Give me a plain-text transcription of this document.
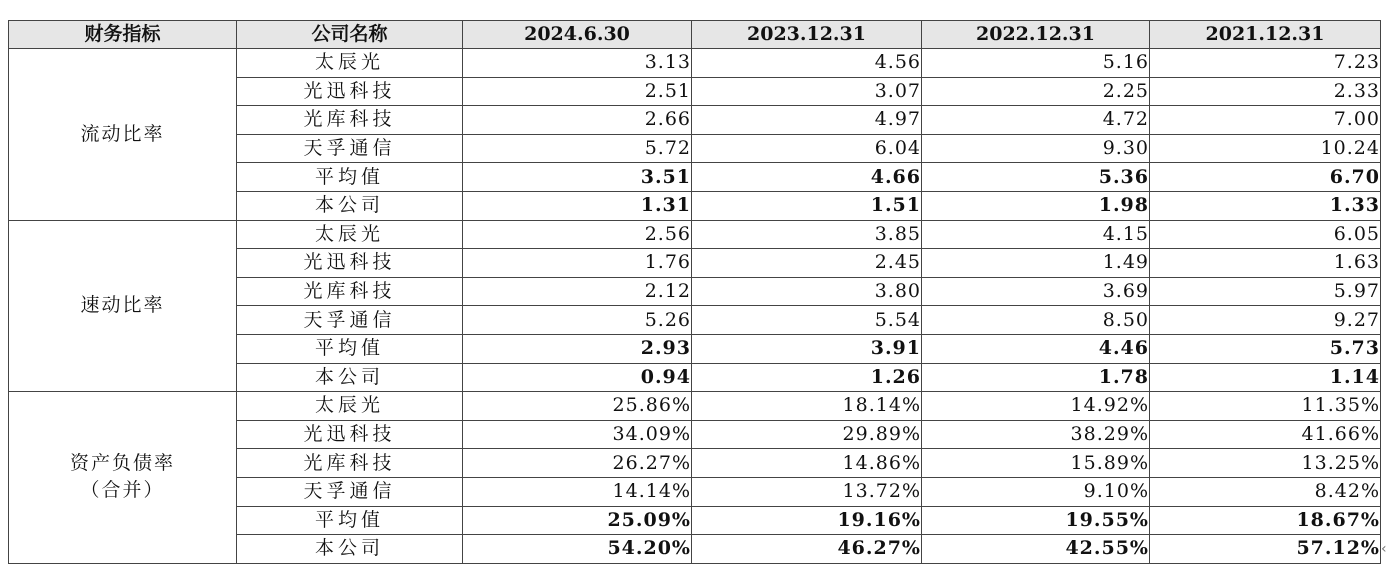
财务指标	公司名称	2024.6.30	2023.12.31	2022.12.31	2021.12.31

流动比率	太辰光	3.13	4.56	5.16	7.23
	光迅科技	2.51	3.07	2.25	2.33
	光库科技	2.66	4.97	4.72	7.00
	天孚通信	5.72	6.04	9.30	10.24
	平均值	3.51	4.66	5.36	6.70
	本公司	1.31	1.51	1.98	1.33

速动比率	太辰光	2.56	3.85	4.15	6.05
	光迅科技	1.76	2.45	1.49	1.63
	光库科技	2.12	3.80	3.69	5.97
	天孚通信	5.26	5.54	8.50	9.27
	平均值	2.93	3.91	4.46	5.73
	本公司	0.94	1.26	1.78	1.14

资产负债率
（合并）	太辰光	25.86%	18.14%	14.92%	11.35%
	光迅科技	34.09%	29.89%	38.29%	41.66%
	光库科技	26.27%	14.86%	15.89%	13.25%
	天孚通信	14.14%	13.72%	9.10%	8.42%
	平均值	25.09%	19.16%	19.55%	18.67%
	本公司	54.20%	46.27%	42.55%	57.12% ‹
